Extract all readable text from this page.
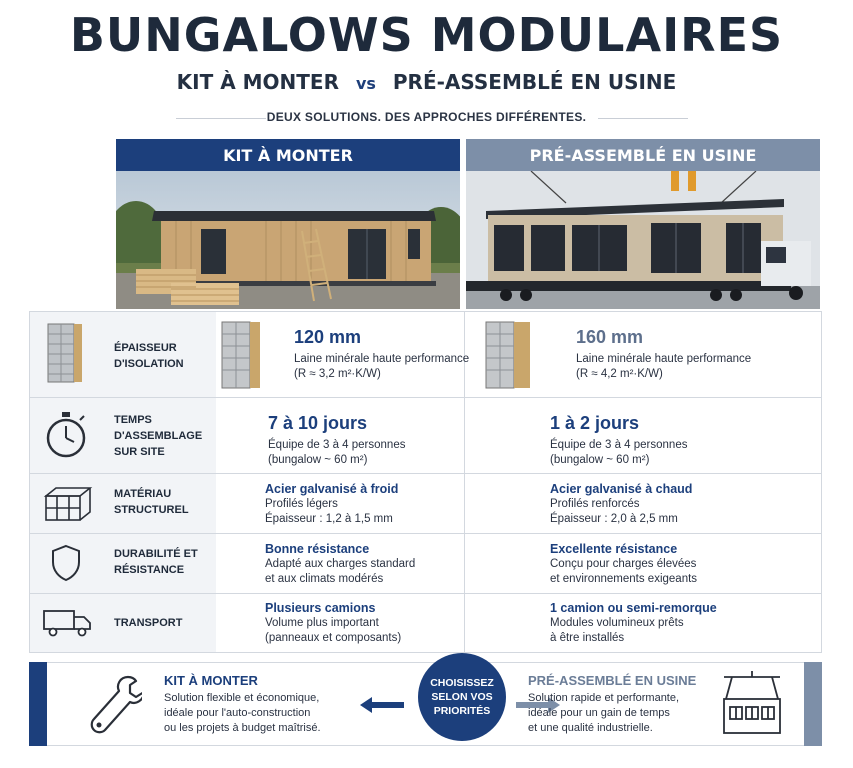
BUNGALOWS MODULAIRES
KIT À MONTER vs PRÉ-ASSEMBLÉ EN USINE
DEUX SOLUTIONS. DES APPROCHES DIFFÉRENTES.
KIT À MONTER	PRÉ-ASSEMBLÉ EN USINE
ÉPAISSEUR
D'ISOLATION
120 mm
Laine minérale haute performance
(R ≈ 3,2 m²·K/W)
160 mm
Laine minérale haute performance
(R ≈ 4,2 m²·K/W)
TEMPS
D'ASSEMBLAGE
SUR SITE
7 à 10 jours
Équipe de 3 à 4 personnes
(bungalow ~ 60 m²)
1 à 2 jours
Équipe de 3 à 4 personnes
(bungalow ~ 60 m²)
MATÉRIAU
STRUCTUREL
Acier galvanisé à froid
Profilés légers
Épaisseur : 1,2 à 1,5 mm
Acier galvanisé à chaud
Profilés renforcés
Épaisseur : 2,0 à 2,5 mm
DURABILITÉ ET
RÉSISTANCE
Bonne résistance
Adapté aux charges standard
et aux climats modérés
Excellente résistance
Conçu pour charges élevées
et environnements exigeants
TRANSPORT
Plusieurs camions
Volume plus important
(panneaux et composants)
1 camion ou semi-remorque
Modules volumineux prêts
à être installés
KIT À MONTER
Solution flexible et économique,
idéale pour l'auto-construction
ou les projets à budget maîtrisé.
CHOISISSEZ
SELON VOS
PRIORITÉS
PRÉ-ASSEMBLÉ EN USINE
Solution rapide et performante,
idéale pour un gain de temps
et une qualité industrielle.
